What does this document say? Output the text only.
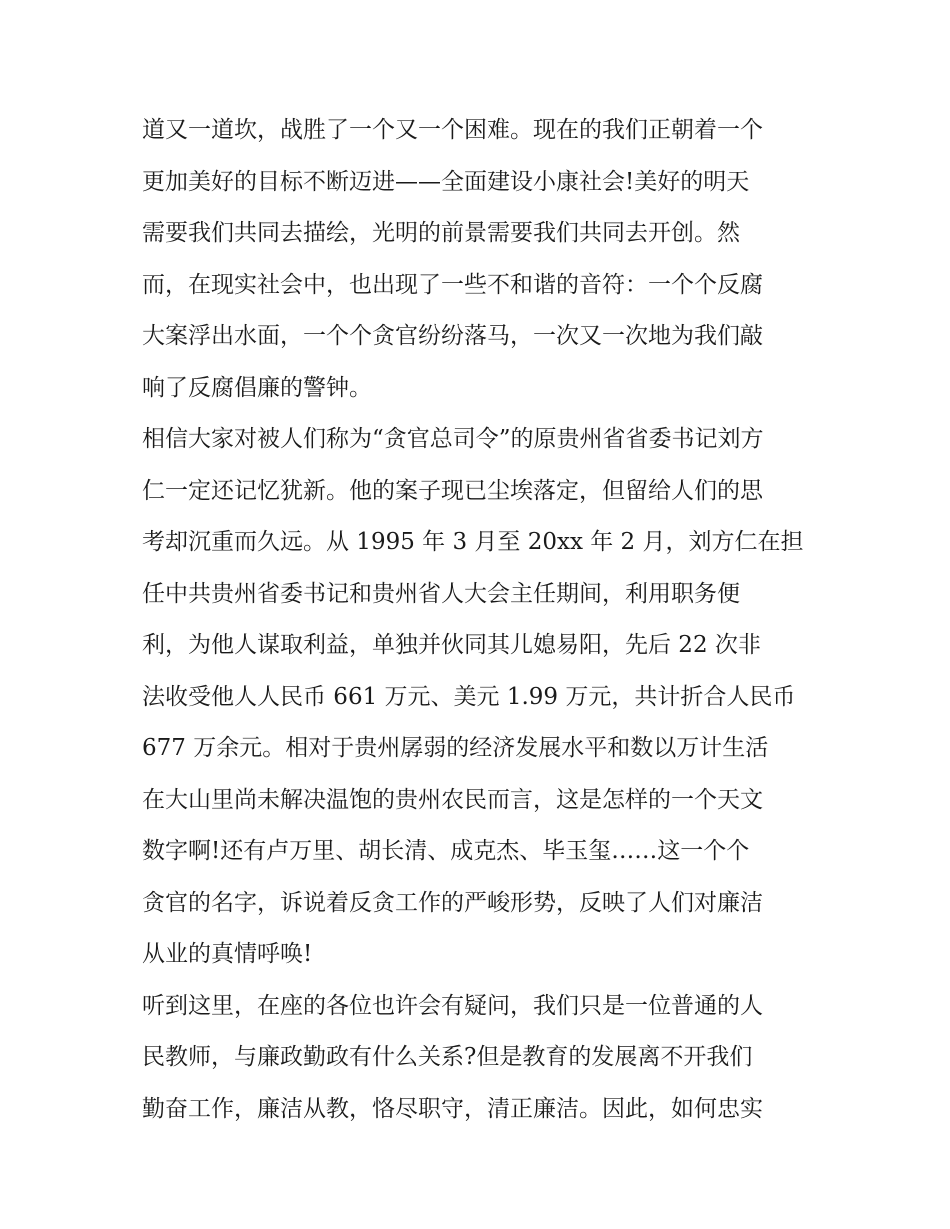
道又一道坎，战胜了一个又一个困难。现在的我们正朝着一个
更加美好的目标不断迈进——全面建设小康社会!美好的明天
需要我们共同去描绘，光明的前景需要我们共同去开创。然
而，在现实社会中，也出现了一些不和谐的音符：一个个反腐
大案浮出水面，一个个贪官纷纷落马，一次又一次地为我们敲
响了反腐倡廉的警钟。
相信大家对被人们称为“贪官总司令”的原贵州省省委书记刘方
仁一定还记忆犹新。他的案子现已尘埃落定，但留给人们的思
考却沉重而久远。从 1995 年 3 月至 20xx 年 2 月，刘方仁在担
任中共贵州省委书记和贵州省人大会主任期间，利用职务便
利，为他人谋取利益，单独并伙同其儿媳易阳，先后 22 次非
法收受他人人民币 661 万元、美元 1.99 万元，共计折合人民币
677 万余元。相对于贵州孱弱的经济发展水平和数以万计生活
在大山里尚未解决温饱的贵州农民而言，这是怎样的一个天文
数字啊!还有卢万里、胡长清、成克杰、毕玉玺……这一个个
贪官的名字，诉说着反贪工作的严峻形势，反映了人们对廉洁
从业的真情呼唤!
听到这里，在座的各位也许会有疑问，我们只是一位普通的人
民教师，与廉政勤政有什么关系?但是教育的发展离不开我们
勤奋工作，廉洁从教，恪尽职守，清正廉洁。因此，如何忠实
